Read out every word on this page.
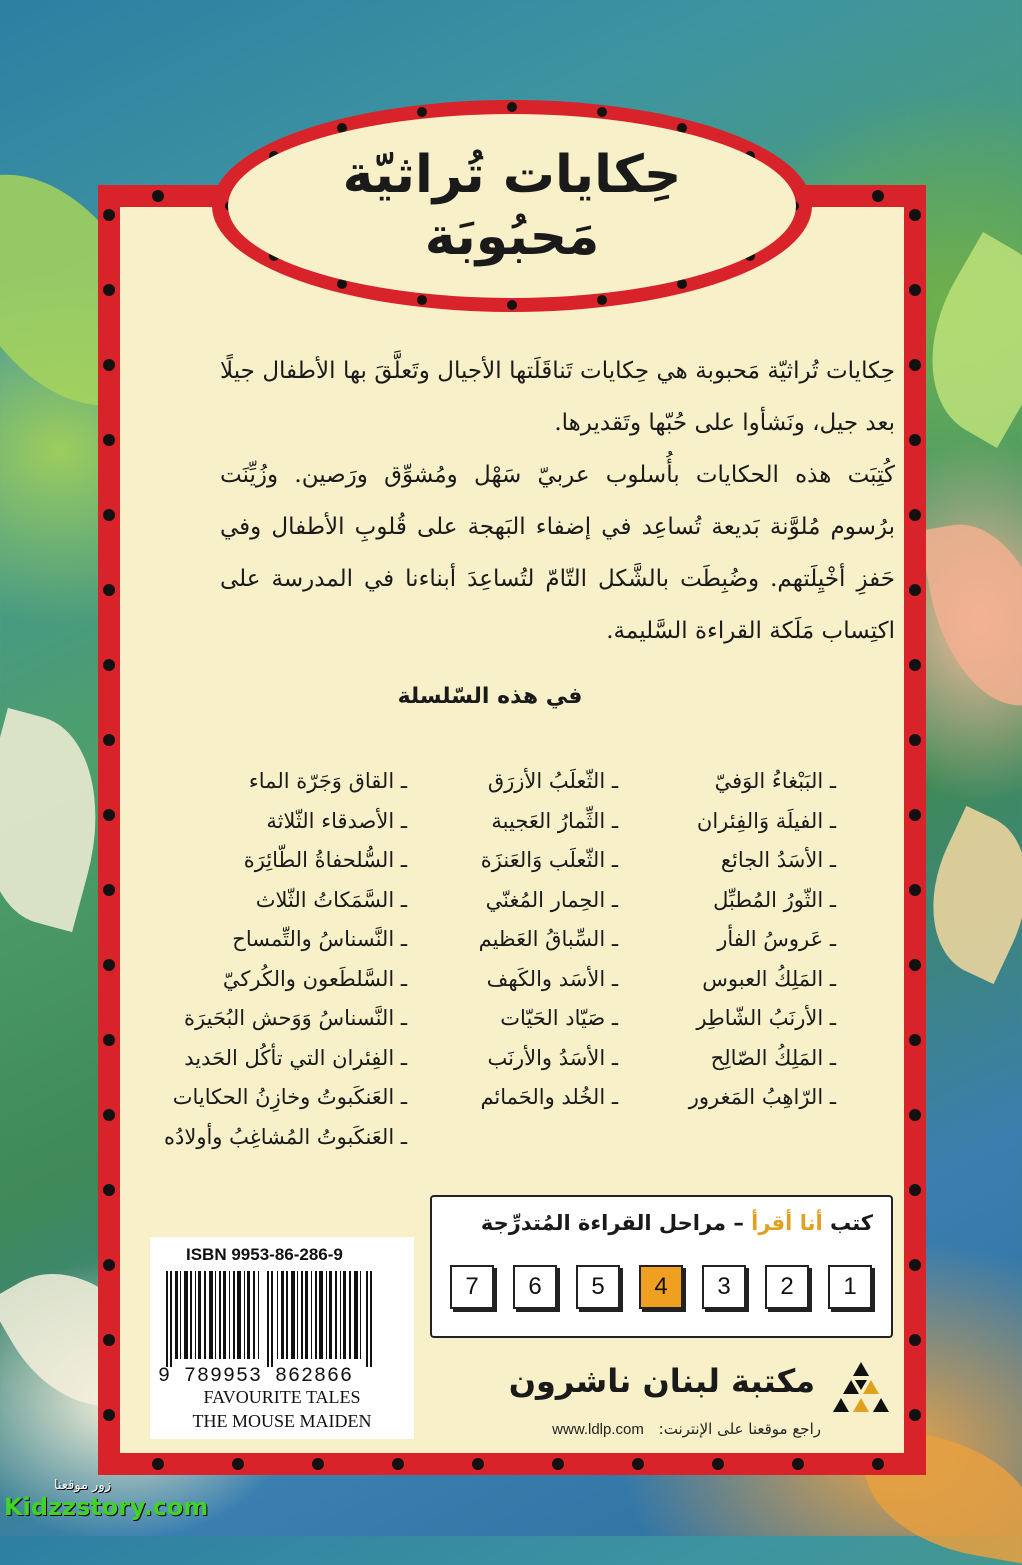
حِكايات تُراثيّة
مَحبُوبَة

حِكايات تُراثيّة مَحبوبة هي حِكايات تَناقَلَتها الأجيال وتَعلَّقَ بها الأطفال جيلًا بعد جيل، ونَشأوا على حُبّها وتَقديرها.

كُتِبَت هذه الحكايات بأُسلوب عربيّ سَهْل ومُشوِّق ورَصين. وزُيِّنَت برُسوم مُلوَّنة بَديعة تُساعِد في إضفاء البَهجة على قُلوبِ الأطفال وفي حَفزِ أخْيِلَتهم. وضُبِطَت بالشَّكل التّامّ لتُساعِدَ أبناءنا في المدرسة على اكتِساب مَلَكة القراءة السَّليمة.

في هذه السّلسلة
ـ البَبْغاءُ الوَفيّ
ـ الفيلَة وَالفِئران
ـ الأسَدُ الجائع
ـ الثّورُ المُطبِّل
ـ عَروسُ الفأر
ـ المَلِكُ العبوس
ـ الأرنَبُ الشّاطِر
ـ المَلِكُ الصّالِح
ـ الرّاهِبُ المَغرور
ـ الثّعلَبُ الأزرَق
ـ الثِّمارُ العَجيبة
ـ الثّعلَب وَالعَنزَة
ـ الحِمار المُغنّي
ـ السِّباقُ العَظيم
ـ الأسَد والكَهف
ـ صَيّاد الحَيّات
ـ الأسَدُ والأرنَب
ـ الخُلد والحَمائم
ـ القاق وَجَرّة الماء
ـ الأصدقاء الثّلاثة
ـ السُّلحفاةُ الطّائِرَة
ـ السَّمَكاتُ الثّلاث
ـ النَّسناسُ والتِّمساح
ـ السَّلطَعون والكُركيّ
ـ النَّسناسُ وَوَحش البُحَيرَة
ـ الفِئران التي تأكُل الحَديد
ـ العَنكَبوتُ وخازِنُ الحكايات
ـ العَنكَبوتُ المُشاغِبُ وأولادُه
كتب أنا أقرأ – مراحل القراءة المُتدرِّجة
7	6	5	4	3	2	1
ISBN 9953-86-286-9
9 789953 862866
FAVOURITE TALES
THE MOUSE MAIDEN
مكتبة لبنان ناشرون
راجع موقعنا على الإنترنت: www.ldlp.com
زور موقعنا
Kidzzstory.com
